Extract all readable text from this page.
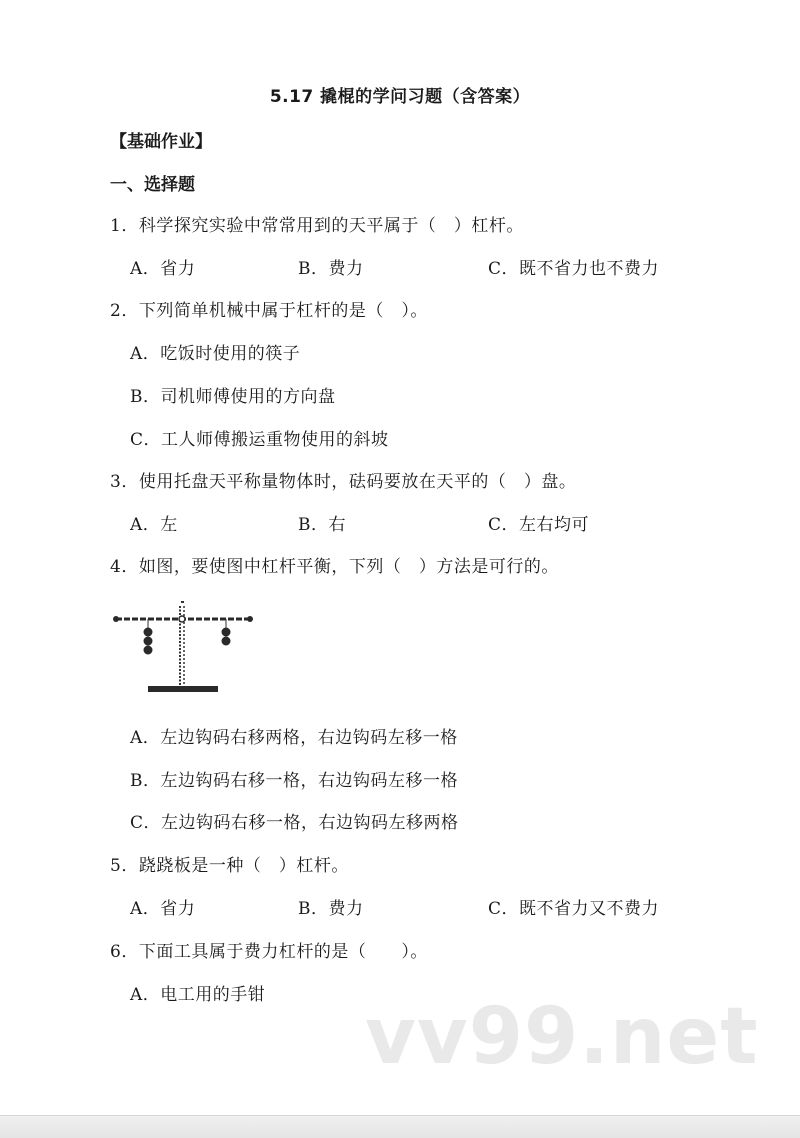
5.17 撬棍的学问习题（含答案）
【基础作业】
一、选择题
1．科学探究实验中常常用到的天平属于（　）杠杆。
A．省力	B．费力	C．既不省力也不费力
2．下列简单机械中属于杠杆的是（　）。
A．吃饭时使用的筷子
B．司机师傅使用的方向盘
C．工人师傅搬运重物使用的斜坡
3．使用托盘天平称量物体时，砝码要放在天平的（　）盘。
A．左	B．右	C．左右均可
4．如图，要使图中杠杆平衡，下列（　）方法是可行的。
A．左边钩码右移两格，右边钩码左移一格
B．左边钩码右移一格，右边钩码左移一格
C．左边钩码右移一格，右边钩码左移两格
5．跷跷板是一种（　）杠杆。
A．省力	B．费力	C．既不省力又不费力
6．下面工具属于费力杠杆的是（　　）。
A．电工用的手钳 vv99.net
